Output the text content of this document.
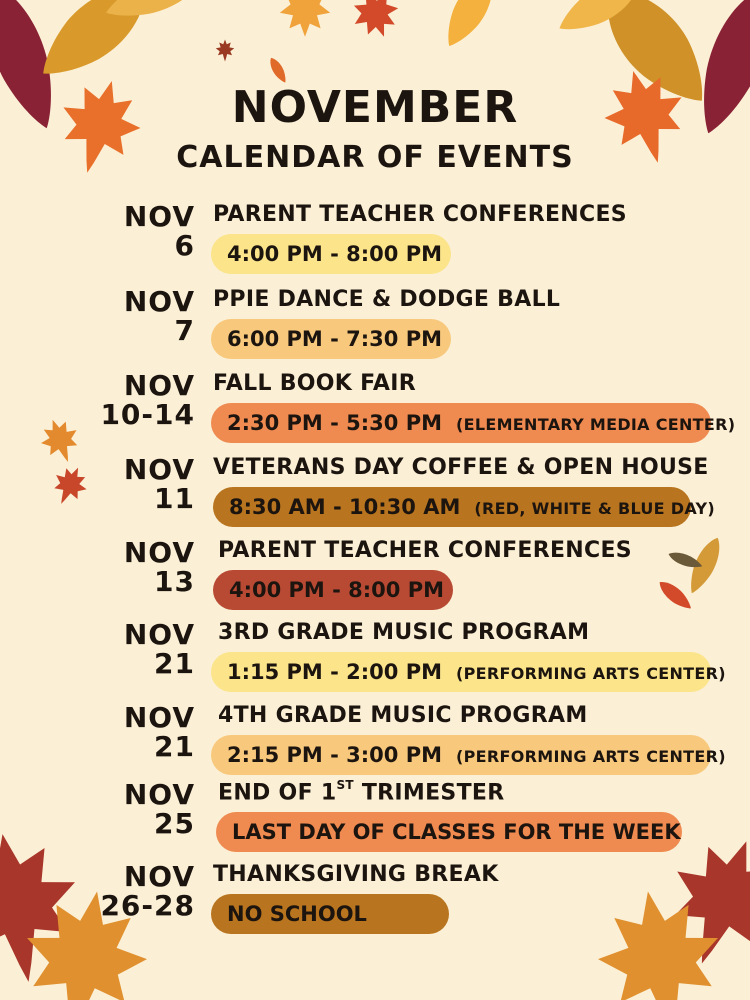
NOVEMBER
CALENDAR OF EVENTS
NOV
6
PARENT TEACHER CONFERENCES
4:00 PM - 8:00 PM
NOV
7
PPIE DANCE & DODGE BALL
6:00 PM - 7:30 PM
NOV
10-14
FALL BOOK FAIR
2:30 PM - 5:30 PM (ELEMENTARY MEDIA CENTER)
NOV
11
VETERANS DAY COFFEE & OPEN HOUSE
8:30 AM - 10:30 AM (RED, WHITE & BLUE DAY)
NOV
13
PARENT TEACHER CONFERENCES
4:00 PM - 8:00 PM
NOV
21
3RD GRADE MUSIC PROGRAM
1:15 PM - 2:00 PM (PERFORMING ARTS CENTER)
NOV
21
4TH GRADE MUSIC PROGRAM
2:15 PM - 3:00 PM (PERFORMING ARTS CENTER)
NOV
25
END OF 1ST TRIMESTER
LAST DAY OF CLASSES FOR THE WEEK
NOV
26-28
THANKSGIVING BREAK
NO SCHOOL
